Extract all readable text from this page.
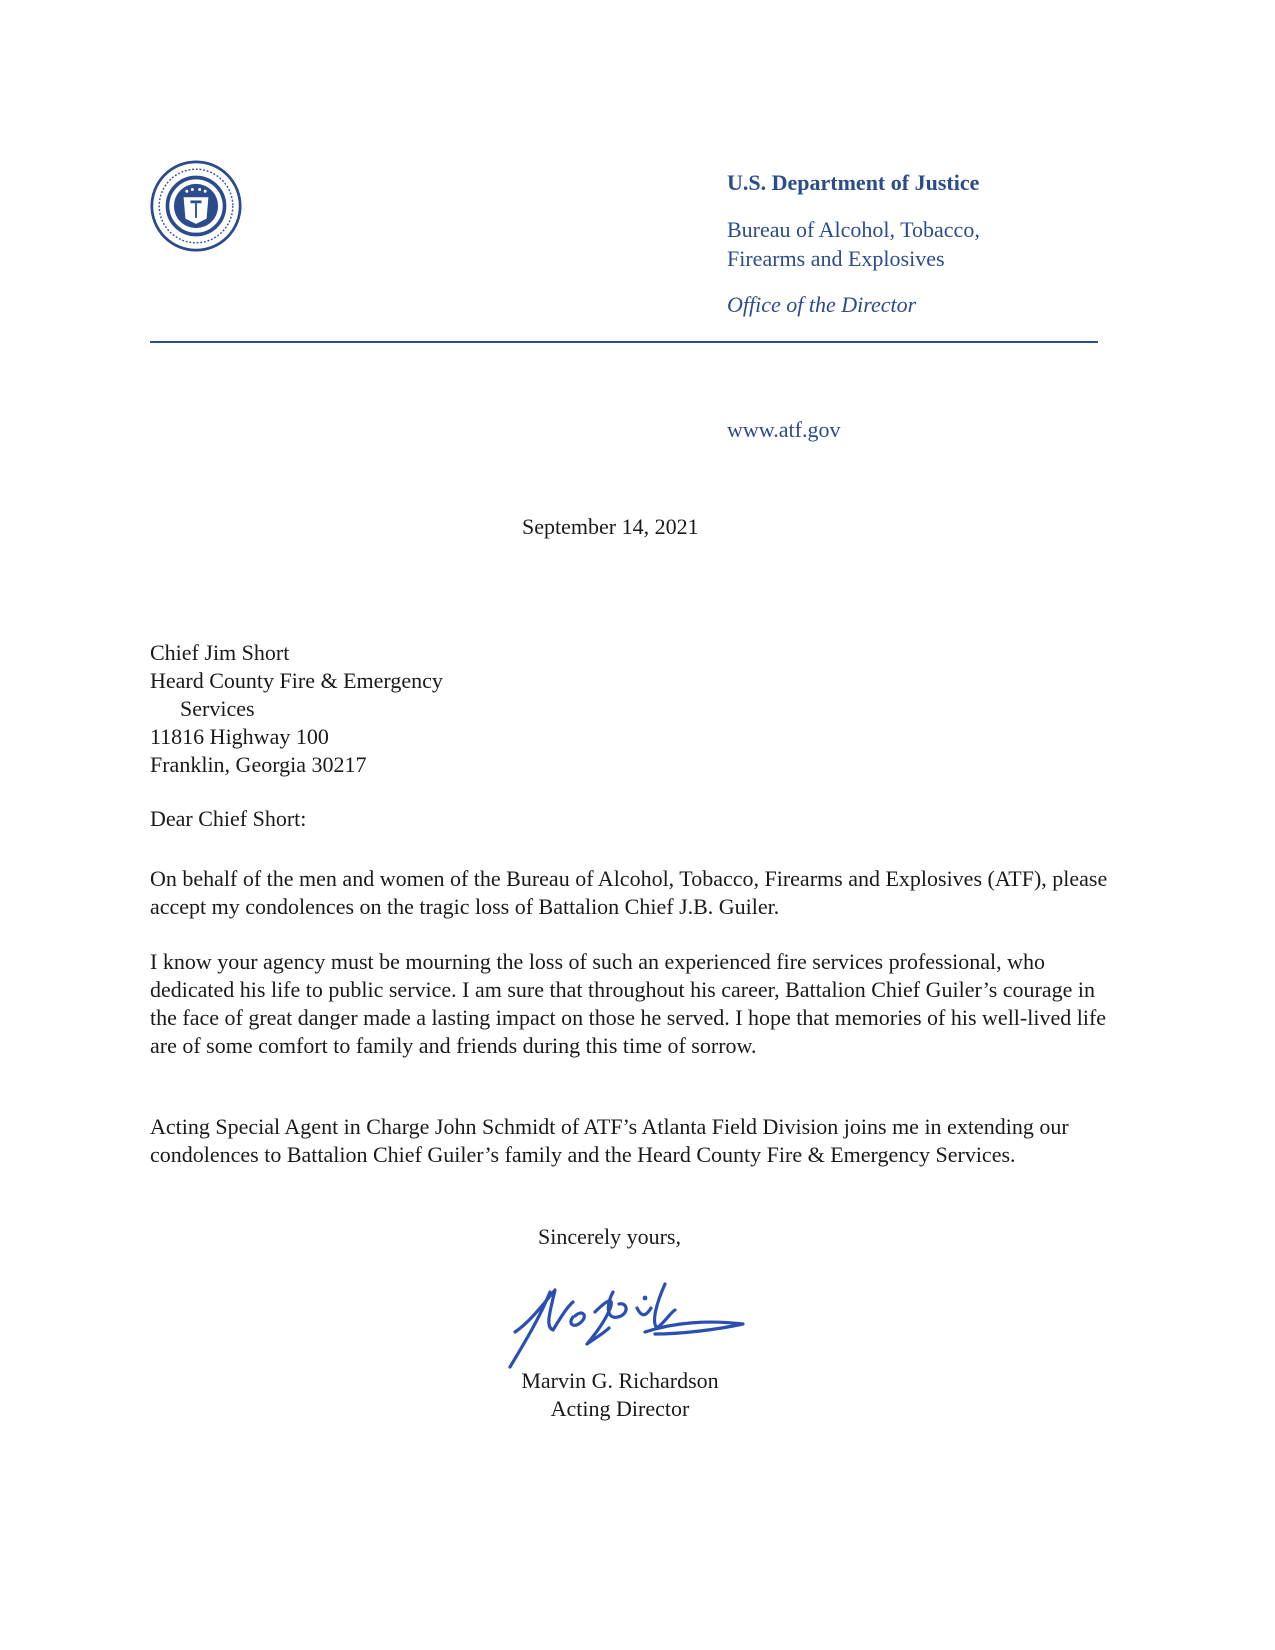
U.S. Department of Justice
Bureau of Alcohol, Tobacco,
Firearms and Explosives
Office of the Director
www.atf.gov
September 14, 2021
Chief Jim Short
Heard County Fire & Emergency
Services
11816 Highway 100
Franklin, Georgia 30217
Dear Chief Short:

On behalf of the men and women of the Bureau of Alcohol, Tobacco, Firearms and Explosives (ATF), please accept my condolences on the tragic loss of Battalion Chief J.B. Guiler.

I know your agency must be mourning the loss of such an experienced fire services professional, who dedicated his life to public service. I am sure that throughout his career, Battalion Chief Guiler’s courage in the face of great danger made a lasting impact on those he served. I hope that memories of his well-lived life are of some comfort to family and friends during this time of sorrow.

Acting Special Agent in Charge John Schmidt of ATF’s Atlanta Field Division joins me in extending our condolences to Battalion Chief Guiler’s family and the Heard County Fire & Emergency Services.

Sincerely yours,
Marvin G. Richardson
Acting Director
